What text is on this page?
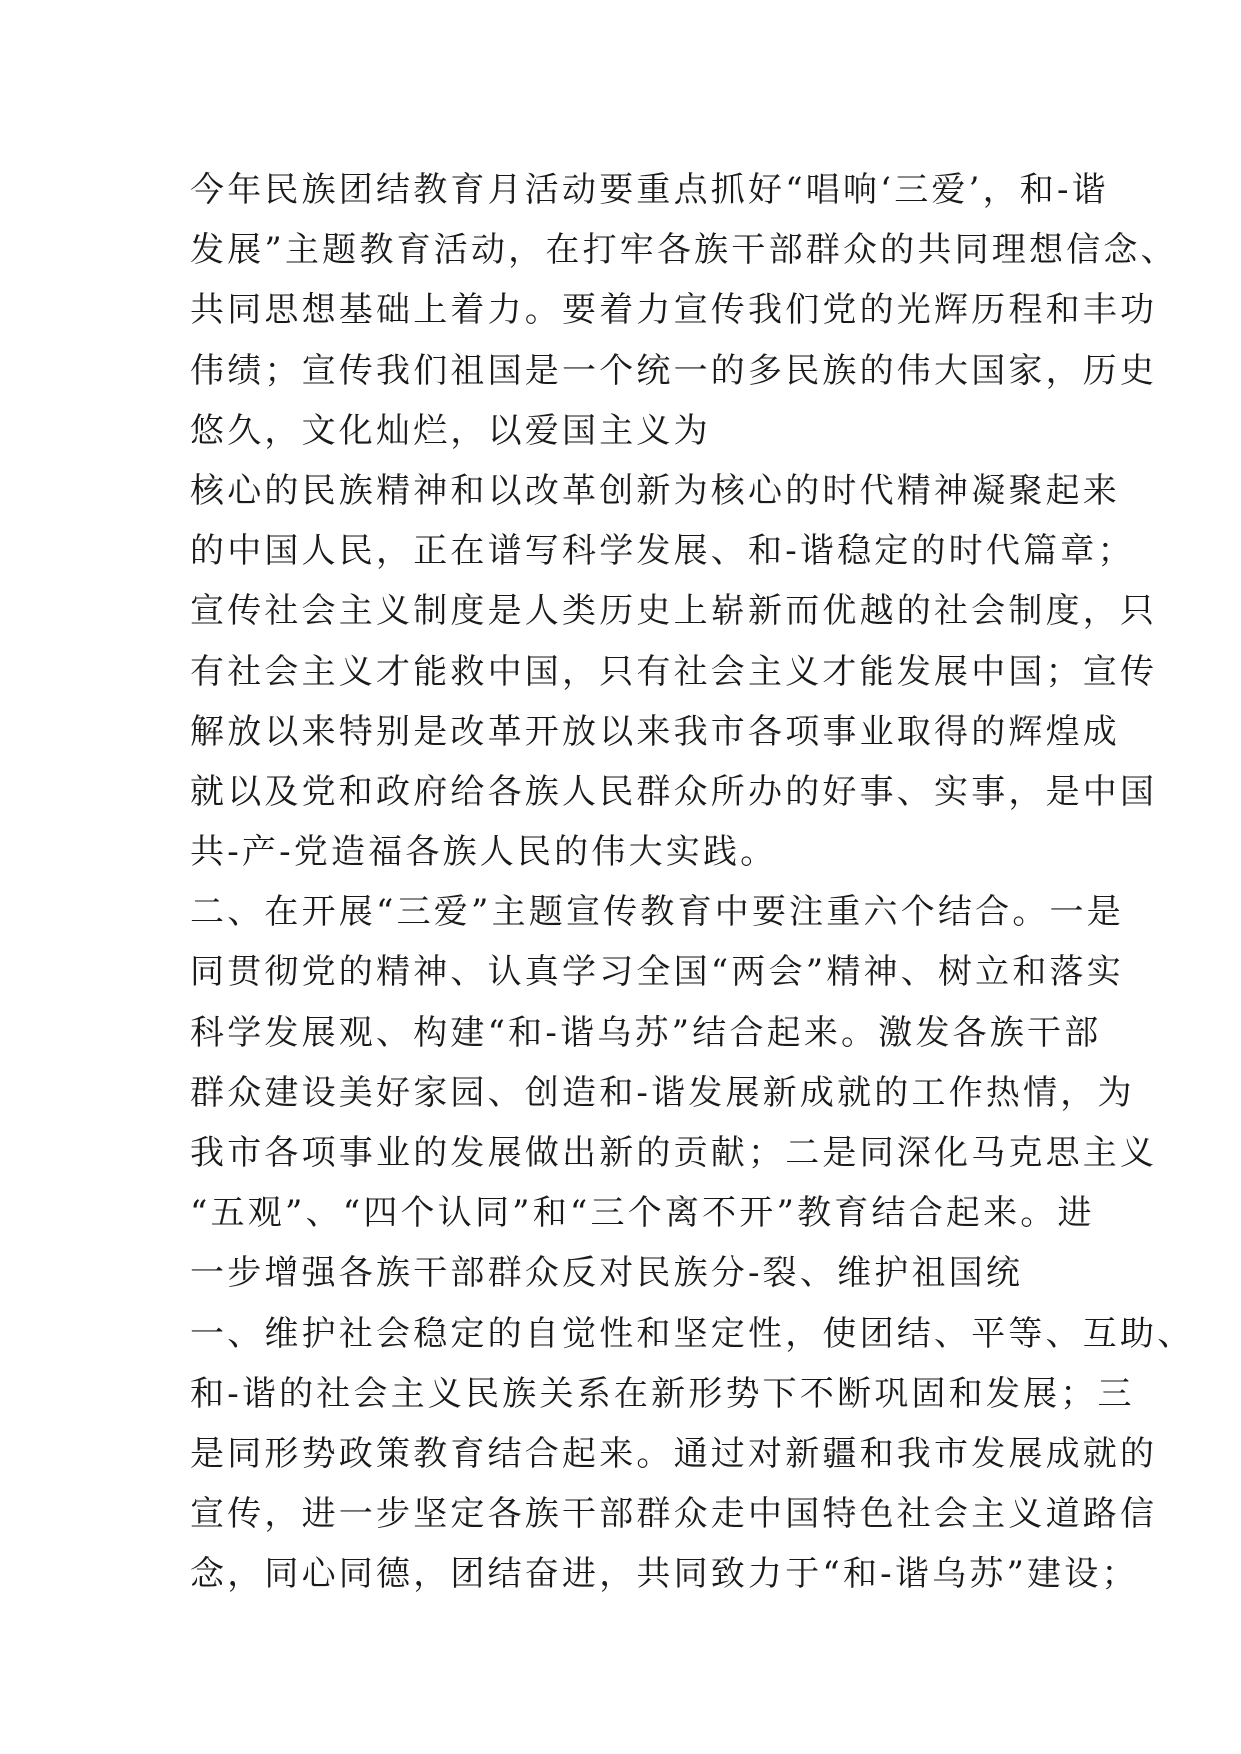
今年民族团结教育月活动要重点抓好“唱响‘三爱’，和-谐
发展”主题教育活动，在打牢各族干部群众的共同理想信念、
共同思想基础上着力。要着力宣传我们党的光辉历程和丰功
伟绩；宣传我们祖国是一个统一的多民族的伟大国家，历史
悠久，文化灿烂，以爱国主义为
核心的民族精神和以改革创新为核心的时代精神凝聚起来
的中国人民，正在谱写科学发展、和-谐稳定的时代篇章；
宣传社会主义制度是人类历史上崭新而优越的社会制度，只
有社会主义才能救中国，只有社会主义才能发展中国；宣传
解放以来特别是改革开放以来我市各项事业取得的辉煌成
就以及党和政府给各族人民群众所办的好事、实事，是中国
共-产-党造福各族人民的伟大实践。
二、在开展“三爱”主题宣传教育中要注重六个结合。一是
同贯彻党的精神、认真学习全国“两会”精神、树立和落实
科学发展观、构建“和-谐乌苏”结合起来。激发各族干部
群众建设美好家园、创造和-谐发展新成就的工作热情，为
我市各项事业的发展做出新的贡献；二是同深化马克思主义
“五观”、“四个认同”和“三个离不开”教育结合起来。进
一步增强各族干部群众反对民族分-裂、维护祖国统
一、维护社会稳定的自觉性和坚定性，使团结、平等、互助、
和-谐的社会主义民族关系在新形势下不断巩固和发展；三
是同形势政策教育结合起来。通过对新疆和我市发展成就的
宣传，进一步坚定各族干部群众走中国特色社会主义道路信
念，同心同德，团结奋进，共同致力于“和-谐乌苏”建设；
